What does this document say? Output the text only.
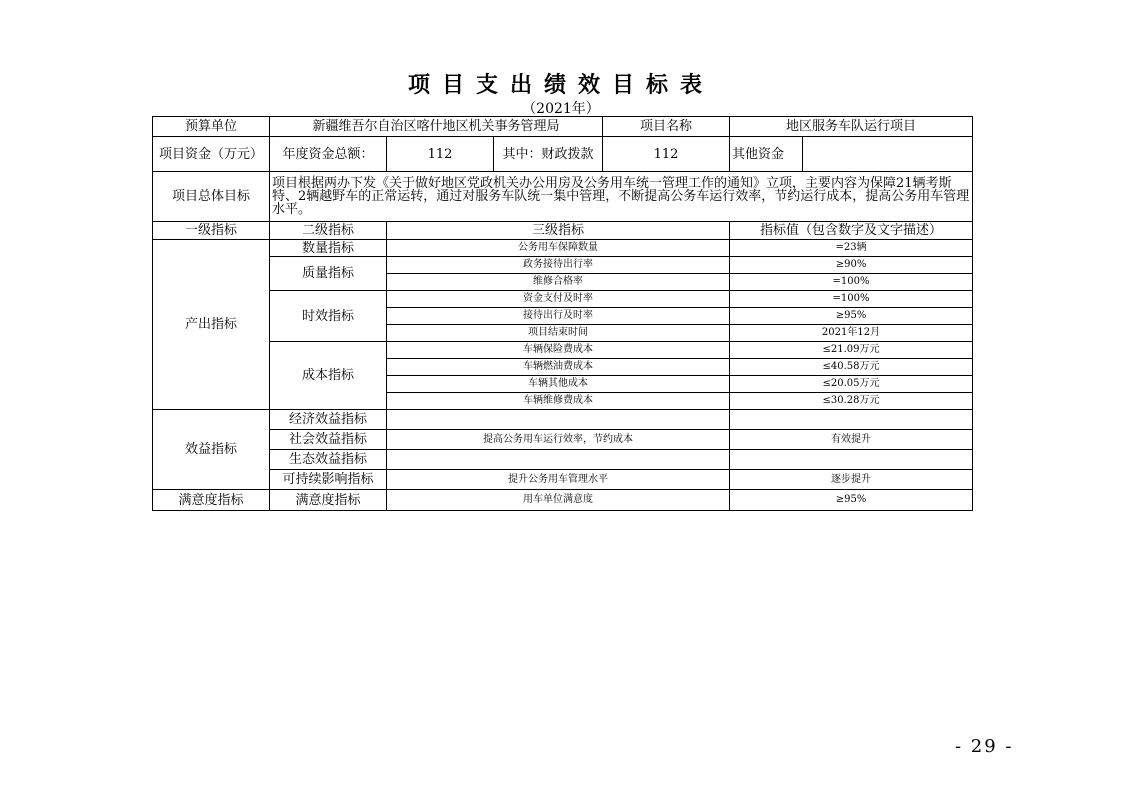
项目支出绩效目标表
（2021年）
预算单位	新疆维吾尔自治区喀什地区机关事务管理局			项目名称	地区服务车队运行项目	
项目资金（万元）	年度资金总额：	112	其中：财政拨款	112	其他资金	
项目总体目标	项目根据两办下发《关于做好地区党政机关办公用房及公务用车统一管理工作的通知》立项，主要内容为保障21辆考斯特、2辆越野车的正常运转，通过对服务车队统一集中管理，不断提高公务车运行效率，节约运行成本，提高公务用车管理水平。					
一级指标	二级指标	三级指标			指标值（包含数字及文字描述）	
产出指标	数量指标	公务用车保障数量			=23辆	
	质量指标	政务接待出行率			≥90%	
		维修合格率			=100%	
	时效指标	资金支付及时率			=100%	
		接待出行及时率			≥95%	
		项目结束时间			2021年12月	
	成本指标	车辆保险费成本			≤21.09万元	
		车辆燃油费成本			≤40.58万元	
		车辆其他成本			≤20.05万元	
		车辆维修费成本			≤30.28万元	
效益指标	经济效益指标					
	社会效益指标	提高公务用车运行效率，节约成本			有效提升	
	生态效益指标					
	可持续影响指标	提升公务用车管理水平			逐步提升	
满意度指标	满意度指标	用车单位满意度			≥95%	
- 29 -
